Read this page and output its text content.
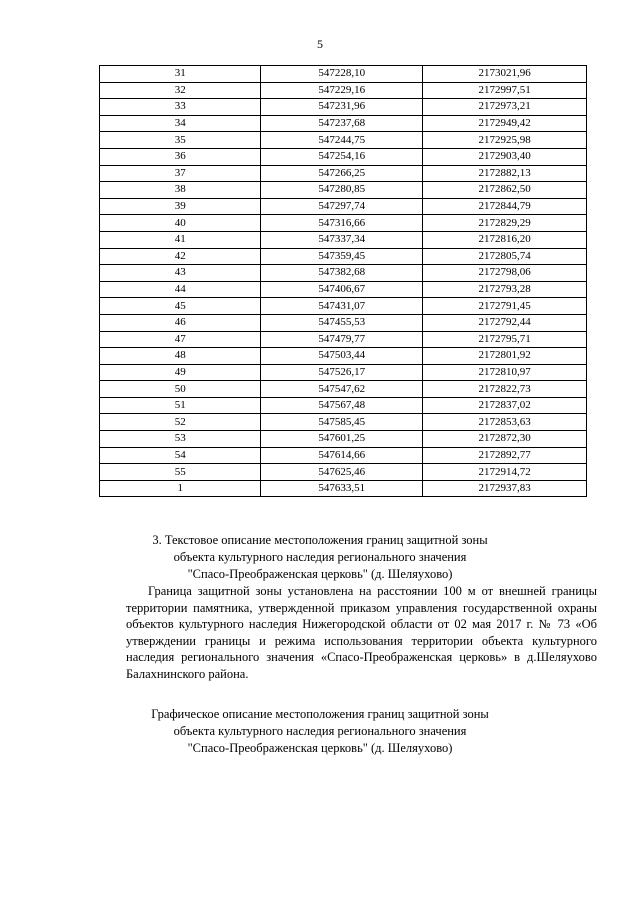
5
31	547228,10	2173021,96
32	547229,16	2172997,51
33	547231,96	2172973,21
34	547237,68	2172949,42
35	547244,75	2172925,98
36	547254,16	2172903,40
37	547266,25	2172882,13
38	547280,85	2172862,50
39	547297,74	2172844,79
40	547316,66	2172829,29
41	547337,34	2172816,20
42	547359,45	2172805,74
43	547382,68	2172798,06
44	547406,67	2172793,28
45	547431,07	2172791,45
46	547455,53	2172792,44
47	547479,77	2172795,71
48	547503,44	2172801,92
49	547526,17	2172810,97
50	547547,62	2172822,73
51	547567,48	2172837,02
52	547585,45	2172853,63
53	547601,25	2172872,30
54	547614,66	2172892,77
55	547625,46	2172914,72
1	547633,51	2172937,83
3. Текстовое описание местоположения границ защитной зоны
объекта культурного наследия регионального значения
"Спасо-Преображенская церковь" (д. Шеляухово)
Граница защитной зоны установлена на расстоянии 100 м от внешней границы территории памятника, утвержденной приказом управления государственной охраны объектов культурного наследия Нижегородской области от 02 мая 2017 г. № 73 «Об утверждении границы и режима использования территории объекта культурного наследия регионального значения «Спасо-Преображенская церковь» в д.Шеляухово Балахнинского района.
Графическое описание местоположения границ защитной зоны
объекта культурного наследия регионального значения
"Спасо-Преображенская церковь" (д. Шеляухово)
